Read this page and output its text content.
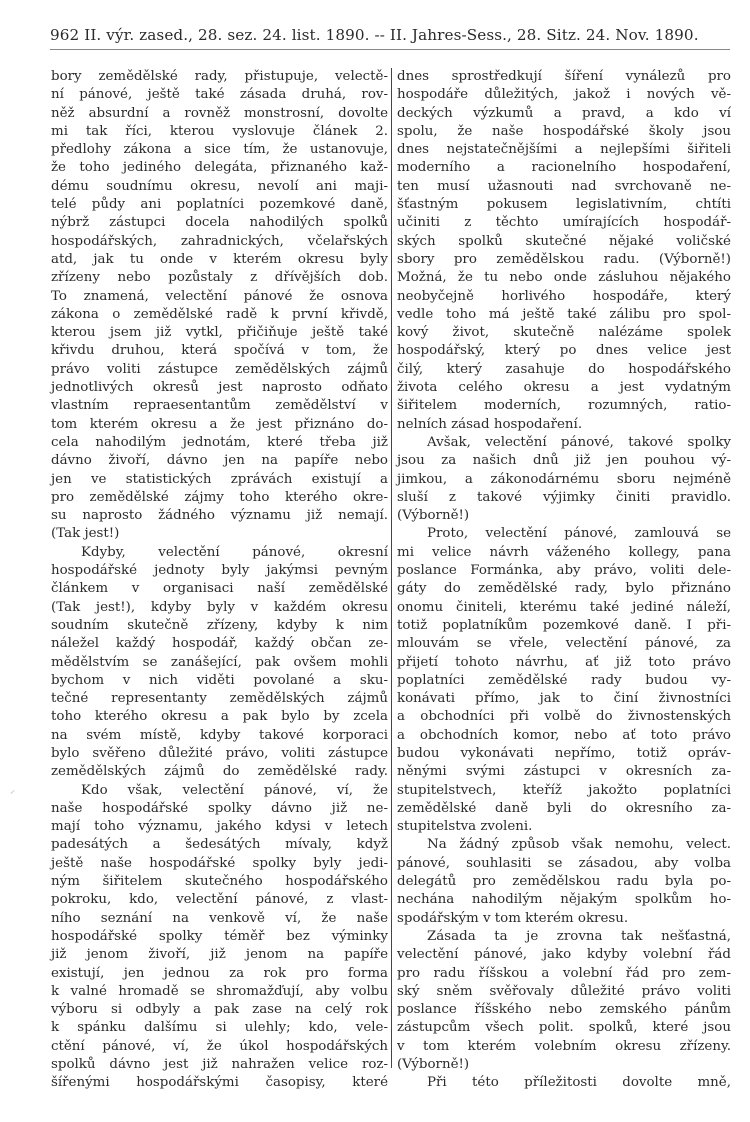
962 II. výr. zased., 28. sez. 24. list. 1890. -- II. Jahres-Sess., 28. Sitz. 24. Nov. 1890.
bory zemědělské rady, přistupuje, velectě-
ní pánové, ještě také zásada druhá, rov-
něž absurdní a rovněž monstrosní, dovolte
mi tak říci, kterou vyslovuje článek 2.
předlohy zákona a sice tím, že ustanovuje,
že toho jediného delegáta, přiznaného kaž-
dému soudnímu okresu, nevolí ani maji-
telé půdy ani poplatníci pozemkové daně,
nýbrž zástupci docela nahodilých spolků
hospodářských, zahradnických, včelařských
atd, jak tu onde v kterém okresu byly
zřízeny nebo pozůstaly z dřívějších dob.
To znamená, velectění pánové že osnova
zákona o zemědělské radě k první křivdě,
kterou jsem již vytkl, přičiňuje ještě také
křivdu druhou, která spočívá v tom, že
právo voliti zástupce zemědělských zájmů
jednotlivých okresů jest naprosto odňato
vlastním repraesentantům zemědělství v
tom kterém okresu a že jest přiznáno do-
cela nahodilým jednotám, které třeba již
dávno živoří, dávno jen na papíře nebo
jen ve statistických zprávách existují a
pro zemědělské zájmy toho kterého okre-
su naprosto žádného významu již nemají.
(Tak jest!)
Kdyby, velectění pánové, okresní
hospodářské jednoty byly jakýmsi pevným
článkem v organisaci naší zemědělské
(Tak jest!), kdyby byly v každém okresu
soudním skutečně zřízeny, kdyby k nim
náležel každý hospodář, každý občan ze-
mědělstvím se zanášející, pak ovšem mohli
bychom v nich viděti povolané a sku-
tečné representanty zemědělských zájmů
toho kterého okresu a pak bylo by zcela
na svém místě, kdyby takové korporaci
bylo svěřeno důležité právo, voliti zástupce
zemědělských zájmů do zemědělské rady.
Kdo však, velectění pánové, ví, že
naše hospodářské spolky dávno již ne-
mají toho významu, jakého kdysi v letech
padesátých a šedesátých mívaly, když
ještě naše hospodářské spolky byly jedi-
ným šiřitelem skutečného hospodářského
pokroku, kdo, velectění pánové, z vlast-
ního seznání na venkově ví, že naše
hospodářské spolky téměř bez výminky
již jenom živoří, již jenom na papíře
existují, jen jednou za rok pro forma
k valné hromadě se shromažďují, aby volbu
výboru si odbyly a pak zase na celý rok
k spánku dalšímu si ulehly; kdo, vele-
ctění pánové, ví, že úkol hospodářských
spolků dávno jest již nahražen velice roz-
šířenými hospodářskými časopisy, které
dnes sprostředkují šíření vynálezů pro
hospodáře důležitých, jakož i nových vě-
deckých výzkumů a pravd, a kdo ví
spolu, že naše hospodářské školy jsou
dnes nejstatečnějšími a nejlepšími šiřiteli
moderního a racionelního hospodaření,
ten musí užasnouti nad svrchovaně ne-
šťastným pokusem legislativním, chtíti
učiniti z těchto umírajících hospodář-
ských spolků skutečné nějaké voličské
sbory pro zemědělskou radu. (Výborně!)
Možná, že tu nebo onde zásluhou nějakého
neobyčejně horlivého hospodáře, který
vedle toho má ještě také zálibu pro spol-
kový život, skutečně nalézáme spolek
hospodářský, který po dnes velice jest
čilý, který zasahuje do hospodářského
života celého okresu a jest vydatným
šiřitelem moderních, rozumných, ratio-
nelních zásad hospodaření.
Avšak, velectění pánové, takové spolky
jsou za našich dnů již jen pouhou vý-
jimkou, a zákonodárnému sboru nejméně
sluší z takové výjimky činiti pravidlo.
(Výborně!)
Proto, velectění pánové, zamlouvá se
mi velice návrh váženého kollegy, pana
poslance Formánka, aby právo, voliti dele-
gáty do zemědělské rady, bylo přiznáno
onomu činiteli, kterému také jediné náleží,
totiž poplatníkům pozemkové daně. I při-
mlouvám se vřele, velectění pánové, za
přijetí tohoto návrhu, ať již toto právo
poplatníci zemědělské rady budou vy-
konávati přímo, jak to činí živnostníci
a obchodníci při volbě do živnostenských
a obchodních komor, nebo ať toto právo
budou vykonávati nepřímo, totiž opráv-
něnými svými zástupci v okresních za-
stupitelstvech, kteříž jakožto poplatníci
zemědělské daně byli do okresního za-
stupitelstva zvoleni.
Na žádný způsob však nemohu, velect.
pánové, souhlasiti se zásadou, aby volba
delegátů pro zemědělskou radu byla po-
nechána nahodilým nějakým spolkům ho-
spodářským v tom kterém okresu.
Zásada ta je zrovna tak nešťastná,
velectění pánové, jako kdyby volební řád
pro radu říšskou a volební řád pro zem-
ský sněm svěřovaly důležité právo voliti
poslance říšského nebo zemského pánům
zástupcům všech polit. spolků, které jsou
v tom kterém volebním okresu zřízeny.
(Výborně!)
Při této příležitosti dovolte mně,
⸝
